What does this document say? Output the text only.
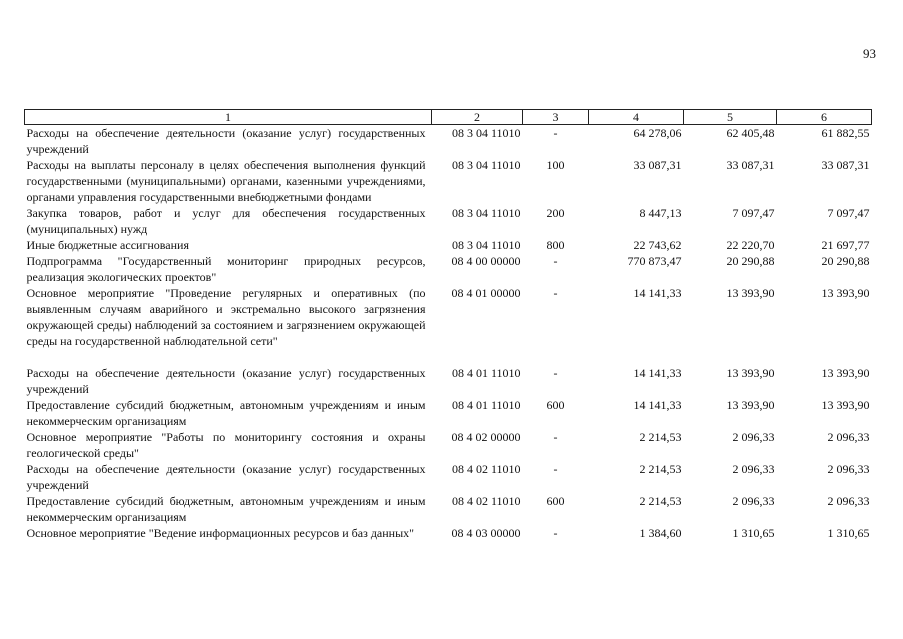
93
1	2	3	4	5	6
Расходы на обеспечение деятельности (оказание услуг) государственных учреждений	08 3 04 11010	-	64 278,06	62 405,48	61 882,55
Расходы на выплаты персоналу в целях обеспечения выполнения функций государственными (муниципальными) органами, казенными учреждениями, органами управления государственными внебюджетными фондами	08 3 04 11010	100	33 087,31	33 087,31	33 087,31
Закупка товаров, работ и услуг для обеспечения государственных (муниципальных) нужд	08 3 04 11010	200	8 447,13	7 097,47	7 097,47
Иные бюджетные ассигнования	08 3 04 11010	800	22 743,62	22 220,70	21 697,77
Подпрограмма "Государственный мониторинг природных ресурсов, реализация экологических проектов"	08 4 00 00000	-	770 873,47	20 290,88	20 290,88
Основное мероприятие "Проведение регулярных и оперативных (по выявленным случаям аварийного и экстремально высокого загрязнения окружающей среды) наблюдений за состоянием и загрязнением окружающей среды на государственной наблюдательной сети"	08 4 01 00000	-	14 141,33	13 393,90	13 393,90
Расходы на обеспечение деятельности (оказание услуг) государственных учреждений	08 4 01 11010	-	14 141,33	13 393,90	13 393,90
Предоставление субсидий бюджетным, автономным учреждениям и иным некоммерческим организациям	08 4 01 11010	600	14 141,33	13 393,90	13 393,90
Основное мероприятие "Работы по мониторингу состояния и охраны геологической среды"	08 4 02 00000	-	2 214,53	2 096,33	2 096,33
Расходы на обеспечение деятельности (оказание услуг) государственных учреждений	08 4 02 11010	-	2 214,53	2 096,33	2 096,33
Предоставление субсидий бюджетным, автономным учреждениям и иным некоммерческим организациям	08 4 02 11010	600	2 214,53	2 096,33	2 096,33
Основное мероприятие "Ведение информационных ресурсов и баз данных"	08 4 03 00000	-	1 384,60	1 310,65	1 310,65
